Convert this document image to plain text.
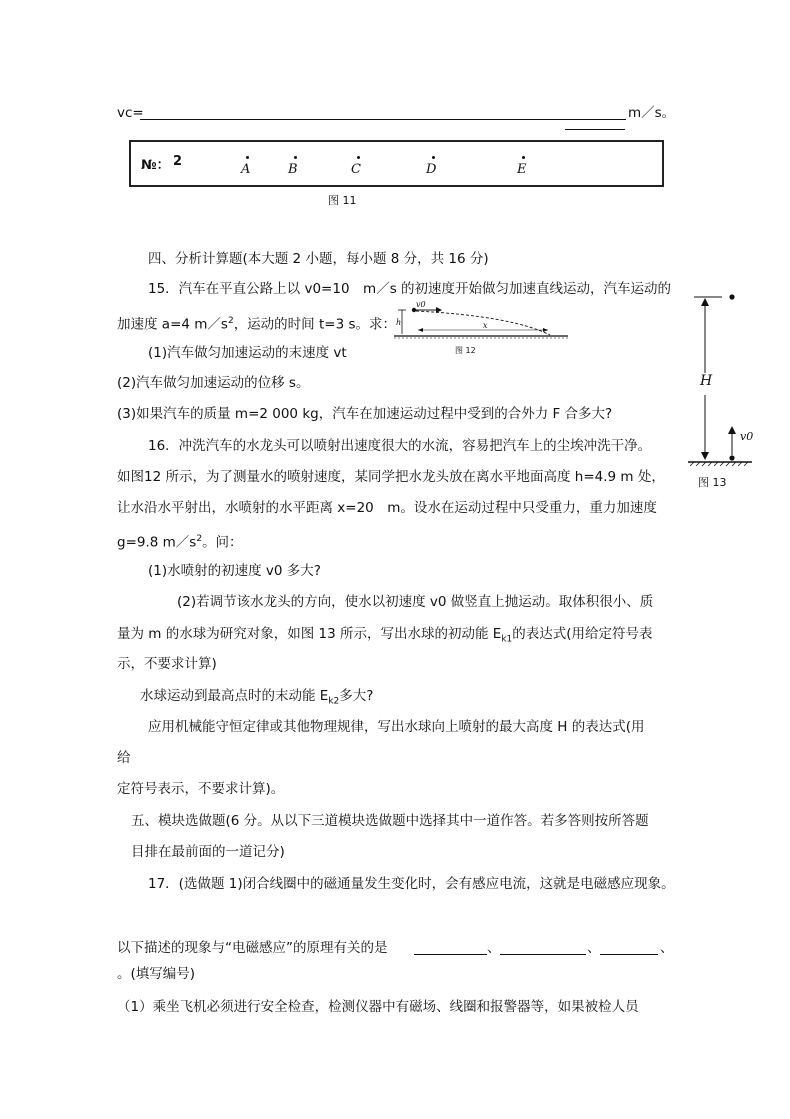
vc=	m／s。
№： 2
A	B	C	D	E
图 11
四、分析计算题(本大题 2 小题，每小题 8 分，共 16 分)
15．汽车在平直公路上以 v0=10　m／s 的初速度开始做匀加速直线运动，汽车运动的
加速度 a=4 $m/s^2$，运动的时间 t=3 s。求：
v0
h	x
图 12
(1)汽车做匀加速运动的末速度 vt
(2)汽车做匀加速运动的位移 s。
(3)如果汽车的质量 m=2 000 kg，汽车在加速运动过程中受到的合外力 F 合多大?
16．冲洗汽车的水龙头可以喷射出速度很大的水流，容易把汽车上的尘埃冲洗干净。
如图12 所示，为了测量水的喷射速度，某同学把水龙头放在离水平地面高度 h=4.9 m 处，
让水沿水平射出，水喷射的水平距离 x=20　m。设水在运动过程中只受重力，重力加速度
g=9.8 $m/s^2$。问：
(1)水喷射的初速度 v0 多大?
(2)若调节该水龙头的方向，使水以初速度 v0 做竖直上抛运动。取体积很小、质
量为 m 的水球为研究对象，如图 13 所示，写出水球的初动能 $E_{k1}$的表达式(用给定符号表
示，不要求计算)
水球运动到最高点时的末动能 $E_{k2}$多大?
应用机械能守恒定律或其他物理规律，写出水球向上喷射的最大高度 H 的表达式(用
给
定符号表示，不要求计算)。
H
v0
图 13
五、模块选做题(6 分。从以下三道模块选做题中选择其中一道作答。若多答则按所答题
目排在最前面的一道记分)
17．(选做题 1)闭合线圈中的磁通量发生变化时，会有感应电流，这就是电磁感应现象。
以下描述的现象与“电磁感应”的原理有关的是	、	、	、
。(填写编号)
（1）乘坐飞机必须进行安全检查，检测仪器中有磁场、线圈和报警器等，如果被检人员
